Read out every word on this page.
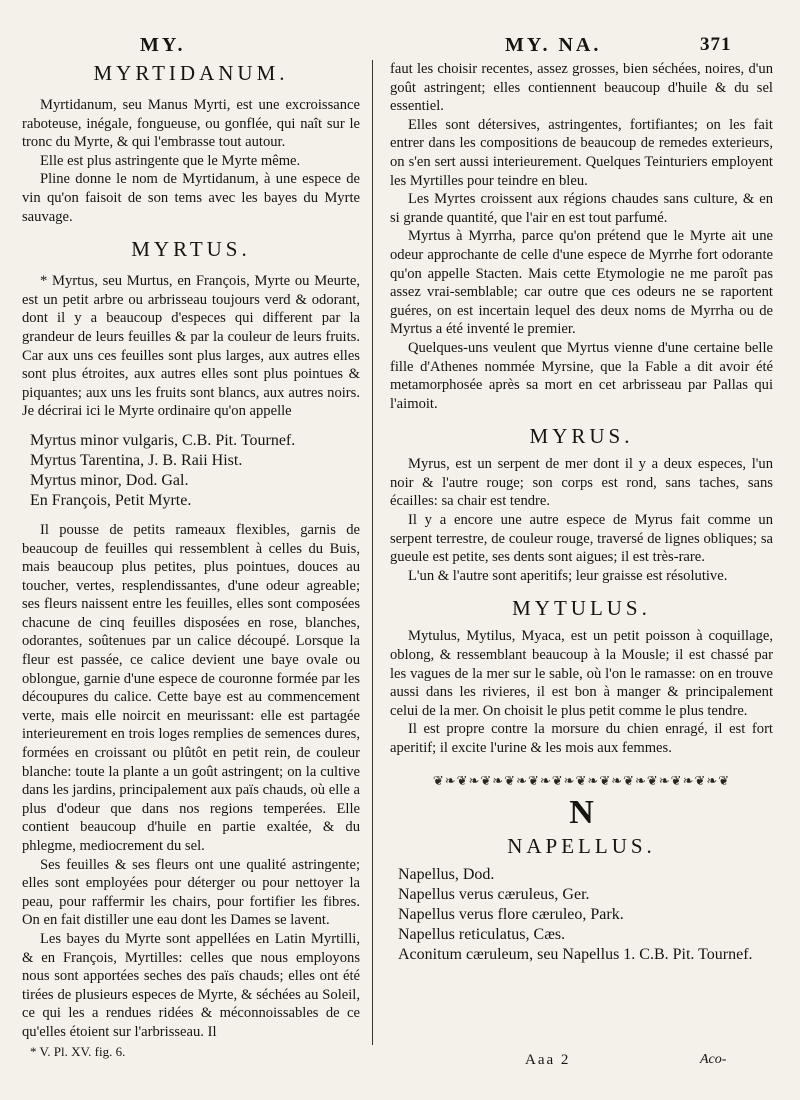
MY.	MY. NA.	371
MYRTIDANUM.

Myrtidanum, seu Manus Myrti, est une excroissance raboteuse, inégale, fongueuse, ou gonflée, qui naît sur le tronc du Myrte, & qui l'embrasse tout autour.

Elle est plus astringente que le Myrte même.

Pline donne le nom de Myrtidanum, à une espece de vin qu'on faisoit de son tems avec les bayes du Myrte sauvage.

MYRTUS.

* Myrtus, seu Murtus, en François, Myrte ou Meurte, est un petit arbre ou arbrisseau toujours verd & odorant, dont il y a beaucoup d'especes qui different par la grandeur de leurs feuilles & par la couleur de leurs fruits. Car aux uns ces feuilles sont plus larges, aux autres elles sont plus étroites, aux autres elles sont plus pointues & piquantes; aux uns les fruits sont blancs, aux autres noirs. Je décrirai ici le Myrte ordinaire qu'on appelle

Myrtus minor vulgaris, C.B. Pit. Tournef.

Myrtus Tarentina, J. B. Raii Hist.

Myrtus minor, Dod. Gal.

En François, Petit Myrte.

Il pousse de petits rameaux flexibles, garnis de beaucoup de feuilles qui ressemblent à celles du Buis, mais beaucoup plus petites, plus pointues, douces au toucher, vertes, resplendissantes, d'une odeur agreable; ses fleurs naissent entre les feuilles, elles sont composées chacune de cinq feuilles disposées en rose, blanches, odorantes, soûtenues par un calice découpé. Lorsque la fleur est passée, ce calice devient une baye ovale ou oblongue, garnie d'une espece de couronne formée par les découpures du calice. Cette baye est au commencement verte, mais elle noircit en meurissant: elle est partagée interieurement en trois loges remplies de semences dures, formées en croissant ou plûtôt en petit rein, de couleur blanche: toute la plante a un goût astringent; on la cultive dans les jardins, principalement aux païs chauds, où elle a plus d'odeur que dans nos regions temperées. Elle contient beaucoup d'huile en partie exaltée, & du phlegme, mediocrement du sel.

Ses feuilles & ses fleurs ont une qualité astringente; elles sont employées pour déterger ou pour nettoyer la peau, pour raffermir les chairs, pour fortifier les fibres. On en fait distiller une eau dont les Dames se lavent.

Les bayes du Myrte sont appellées en Latin Myrtilli, & en François, Myrtilles: celles que nous employons nous sont apportées seches des païs chauds; elles ont été tirées de plusieurs especes de Myrte, & séchées au Soleil, ce qui les a rendues ridées & méconnoissables de ce qu'elles étoient sur l'arbrisseau. Il

faut les choisir recentes, assez grosses, bien séchées, noires, d'un goût astringent; elles contiennent beaucoup d'huile & du sel essentiel.

Elles sont détersives, astringentes, fortifiantes; on les fait entrer dans les compositions de beaucoup de remedes exterieurs, on s'en sert aussi interieurement. Quelques Teinturiers employent les Myrtilles pour teindre en bleu.

Les Myrtes croissent aux régions chaudes sans culture, & en si grande quantité, que l'air en est tout parfumé.

Myrtus à Myrrha, parce qu'on prétend que le Myrte ait une odeur approchante de celle d'une espece de Myrrhe fort odorante qu'on appelle Stacten. Mais cette Etymologie ne me paroît pas assez vrai-semblable; car outre que ces odeurs ne se raportent guéres, on est incertain lequel des deux noms de Myrrha ou de Myrtus a été inventé le premier.

Quelques-uns veulent que Myrtus vienne d'une certaine belle fille d'Athenes nommée Myrsine, que la Fable a dit avoir été metamorphosée après sa mort en cet arbrisseau par Pallas qui l'aimoit.

MYRUS.

Myrus, est un serpent de mer dont il y a deux especes, l'un noir & l'autre rouge; son corps est rond, sans taches, sans écailles: sa chair est tendre.

Il y a encore une autre espece de Myrus fait comme un serpent terrestre, de couleur rouge, traversé de lignes obliques; sa gueule est petite, ses dents sont aigues; il est très-rare.

L'un & l'autre sont aperitifs; leur graisse est résolutive.

MYTULUS.

Mytulus, Mytilus, Myaca, est un petit poisson à coquillage, oblong, & ressemblant beaucoup à la Mousle; il est chassé par les vagues de la mer sur le sable, où l'on le ramasse: on en trouve aussi dans les rivieres, il est bon à manger & principalement celui de la mer. On choisit le plus petit comme le plus tendre.

Il est propre contre la morsure du chien enragé, il est fort aperitif; il excite l'urine & les mois aux femmes.

❦❧❦❧❦❧❦❧❦❧❦❧❦❧❦❧❦❧❦❧❦❧❦❧❦
N
NAPELLUS.

Napellus, Dod.

Napellus verus cæruleus, Ger.

Napellus verus flore cæruleo, Park.

Napellus reticulatus, Cæs.

Aconitum cæruleum, seu Napellus 1. C.B. Pit. Tournef.

* V. Pl. XV. fig. 6.
Aaa 2	Aco-
